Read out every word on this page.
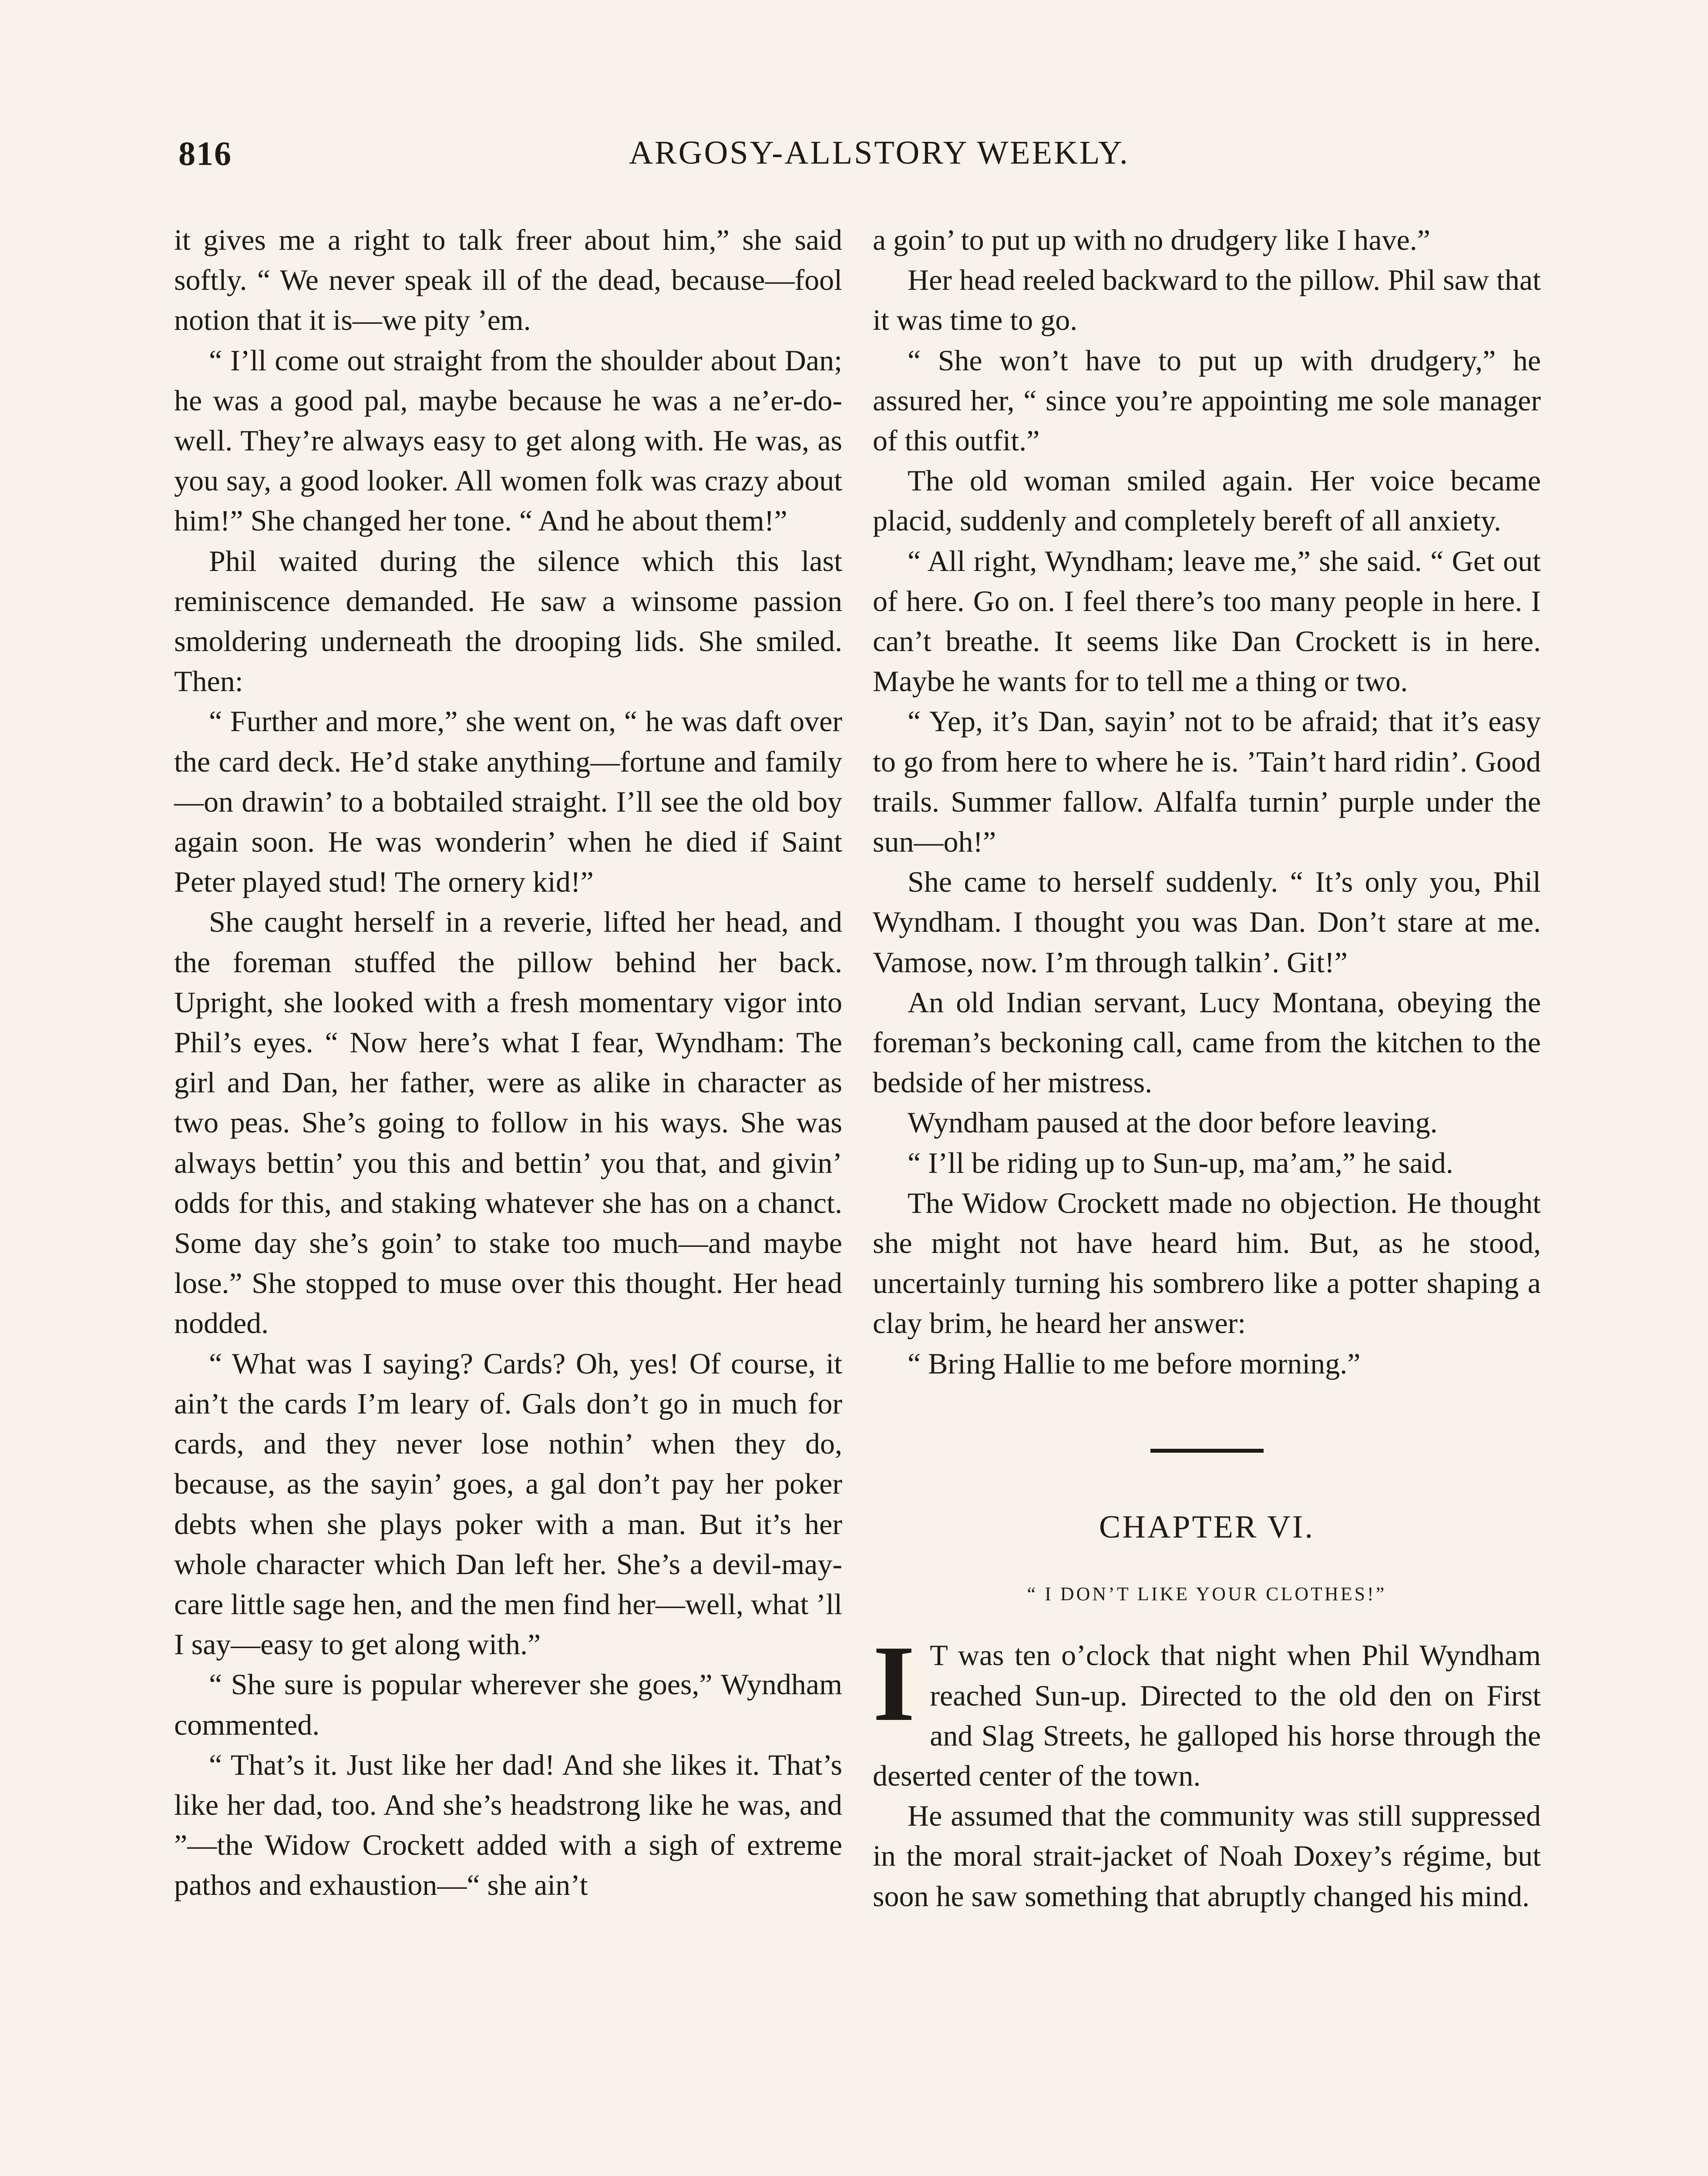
816	ARGOSY-ALLSTORY WEEKLY.

it gives me a right to talk freer about him,” she said softly. “ We never speak ill of the dead, because—fool notion that it is—we pity ’em.

“ I’ll come out straight from the shoulder about Dan; he was a good pal, maybe because he was a ne’er-do-well. They’re always easy to get along with. He was, as you say, a good looker. All women folk was crazy about him!” She changed her tone. “ And he about them!”

Phil waited during the silence which this last reminiscence demanded. He saw a winsome passion smoldering underneath the drooping lids. She smiled. Then:

“ Further and more,” she went on, “ he was daft over the card deck. He’d stake anything—fortune and family—on drawin’ to a bobtailed straight. I’ll see the old boy again soon. He was wonderin’ when he died if Saint Peter played stud! The ornery kid!”

She caught herself in a reverie, lifted her head, and the foreman stuffed the pillow behind her back. Upright, she looked with a fresh momentary vigor into Phil’s eyes. “ Now here’s what I fear, Wyndham: The girl and Dan, her father, were as alike in character as two peas. She’s going to follow in his ways. She was always bettin’ you this and bettin’ you that, and givin’ odds for this, and staking whatever she has on a chanct. Some day she’s goin’ to stake too much—and maybe lose.” She stopped to muse over this thought. Her head nodded.

“ What was I saying? Cards? Oh, yes! Of course, it ain’t the cards I’m leary of. Gals don’t go in much for cards, and they never lose nothin’ when they do, because, as the sayin’ goes, a gal don’t pay her poker debts when she plays poker with a man. But it’s her whole character which Dan left her. She’s a devil-may-care little sage hen, and the men find her—well, what ’ll I say—easy to get along with.”

“ She sure is popular wherever she goes,” Wyndham commented.

“ That’s it. Just like her dad! And she likes it. That’s like her dad, too. And she’s headstrong like he was, and ”—the Widow Crockett added with a sigh of extreme pathos and exhaustion—“ she ain’t

a goin’ to put up with no drudgery like I have.”

Her head reeled backward to the pillow. Phil saw that it was time to go.

“ She won’t have to put up with drudgery,” he assured her, “ since you’re appointing me sole manager of this outfit.”

The old woman smiled again. Her voice became placid, suddenly and completely bereft of all anxiety.

“ All right, Wyndham; leave me,” she said. “ Get out of here. Go on. I feel there’s too many people in here. I can’t breathe. It seems like Dan Crockett is in here. Maybe he wants for to tell me a thing or two.

“ Yep, it’s Dan, sayin’ not to be afraid; that it’s easy to go from here to where he is. ’Tain’t hard ridin’. Good trails. Summer fallow. Alfalfa turnin’ purple under the sun—oh!”

She came to herself suddenly. “ It’s only you, Phil Wyndham. I thought you was Dan. Don’t stare at me. Vamose, now. I’m through talkin’. Git!”

An old Indian servant, Lucy Montana, obeying the foreman’s beckoning call, came from the kitchen to the bedside of her mistress.

Wyndham paused at the door before leaving.

“ I’ll be riding up to Sun-up, ma’am,” he said.

The Widow Crockett made no objection. He thought she might not have heard him. But, as he stood, uncertainly turning his sombrero like a potter shaping a clay brim, he heard her answer:

“ Bring Hallie to me before morning.”

CHAPTER VI.
“ I DON’T LIKE YOUR CLOTHES!”

I T was ten o’clock that night when Phil Wyndham reached Sun-up. Directed to the old den on First and Slag Streets, he galloped his horse through the deserted center of the town.

He assumed that the community was still suppressed in the moral strait-jacket of Noah Doxey’s régime, but soon he saw something that abruptly changed his mind.
